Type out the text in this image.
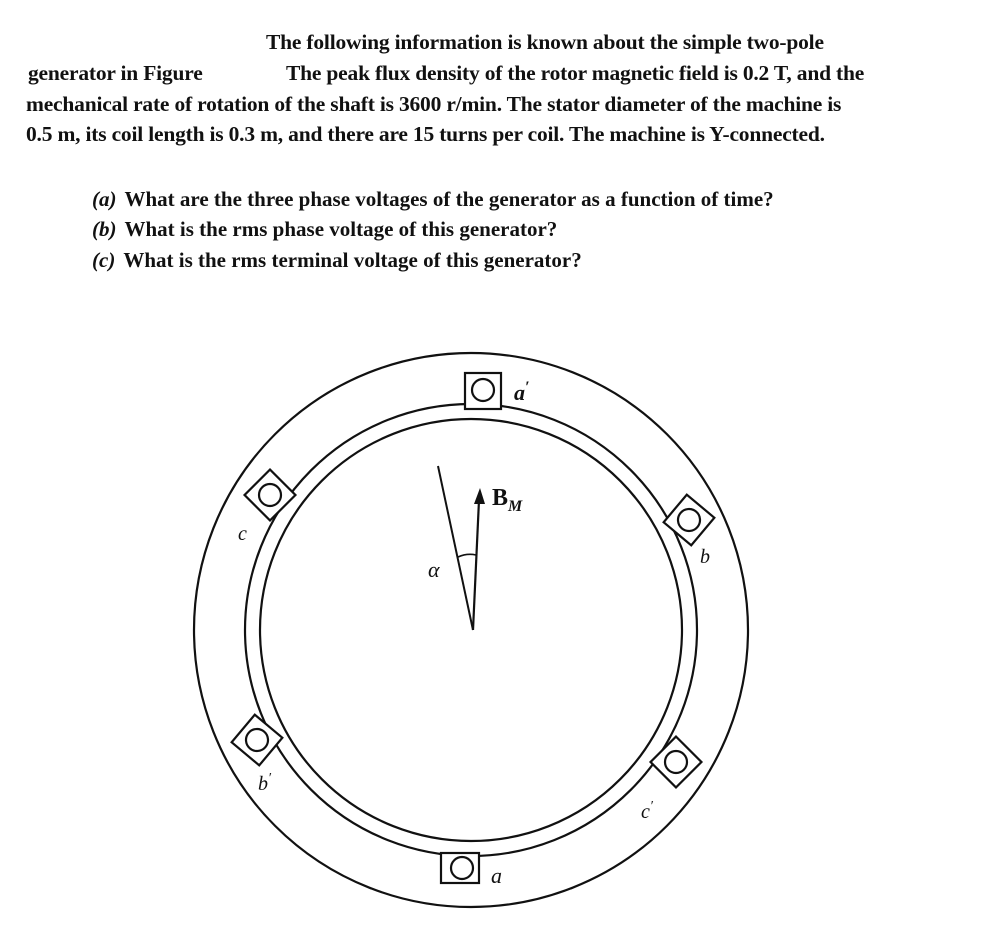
The following information is known about the simple two-pole
generator in Figure	The peak flux density of the rotor magnetic field is 0.2 T, and the
mechanical rate of rotation of the shaft is 3600 r/min. The stator diameter of the machine is
0.5 m, its coil length is 0.3 m, and there are 15 turns per coil. The machine is Y-connected.
(a) What are the three phase voltages of the generator as a function of time?
(b) What is the rms phase voltage of this generator?
(c) What is the rms terminal voltage of this generator?
$B_M$
α
a′
a
b
b′
c
c′
